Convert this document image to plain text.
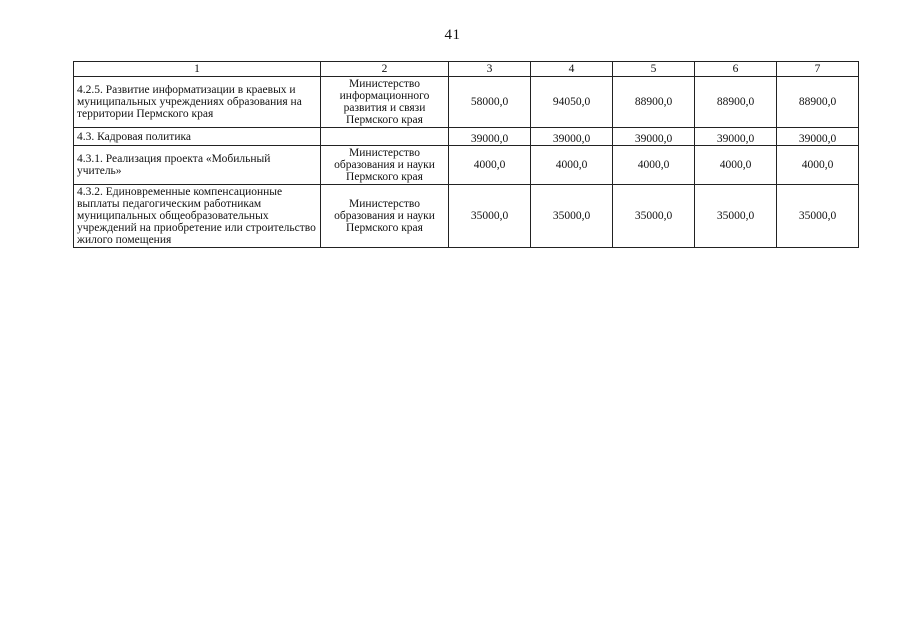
41
1	2	3	4	5	6	7
4.2.5. Развитие информатизации в краевых и муниципальных учреждениях образования на территории Пермского края	Министерство информационного развития и связи Пермского края	58000,0	94050,0	88900,0	88900,0	88900,0
4.3. Кадровая политика		39000,0	39000,0	39000,0	39000,0	39000,0
4.3.1. Реализация проекта «Мобильный учитель»	Министерство образования и науки Пермского края	4000,0	4000,0	4000,0	4000,0	4000,0
4.3.2. Единовременные компенсационные выплаты педагогическим работникам муниципальных общеобразовательных учреждений на приобретение или строительство жилого помещения	Министерство образования и науки Пермского края	35000,0	35000,0	35000,0	35000,0	35000,0
